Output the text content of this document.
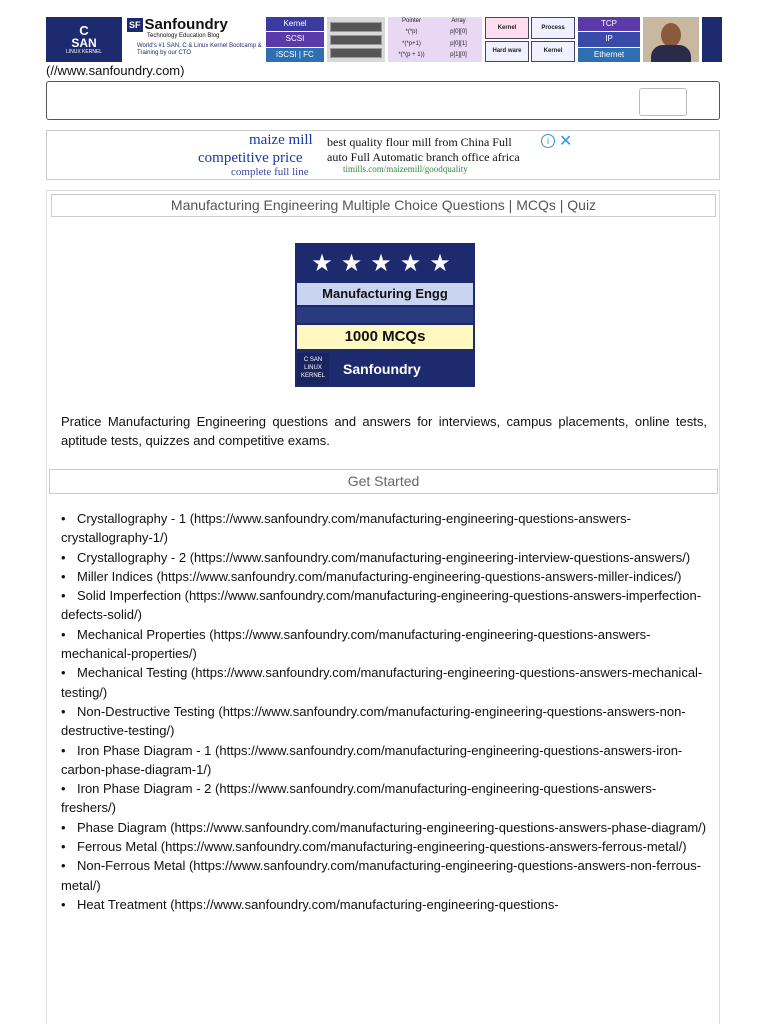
C
SAN
LINUX KERNEL
SF Sanfoundry
Technology Education Blog
World's #1 SAN, C & Linux Kernel Bootcamp & Training by our CTO
Kernel
SCSI
iSCSI | FC
Pointer	Array
*(*p)	p[0][0]
*(*p+1)	p[0][1]
*(*(p + 1))	p[1][0]
Kernel	Process
Hard ware	Kernel
TCP
IP
Ethernet
(//www.sanfoundry.com)
maize mill
competitive price
complete full line
best quality flour mill from China Full
auto Full Automatic branch office africa
timills.com/maizemill/goodquality
i ✕
Manufacturing Engineering Multiple Choice Questions | MCQs | Quiz
★★★★★
Manufacturing Engg
1000 MCQs
C SAN LINUX KERNEL Sanfoundry

Pratice Manufacturing Engineering questions and answers for interviews, campus placements, online tests, aptitude tests, quizzes and competitive exams.

Get Started
• Crystallography - 1 (https://www.sanfoundry.com/manufacturing-engineering-questions-answers-crystallography-1/)
• Crystallography - 2 (https://www.sanfoundry.com/manufacturing-engineering-interview-questions-answers/)
• Miller Indices (https://www.sanfoundry.com/manufacturing-engineering-questions-answers-miller-indices/)
• Solid Imperfection (https://www.sanfoundry.com/manufacturing-engineering-questions-answers-imperfection-defects-solid/)
• Mechanical Properties (https://www.sanfoundry.com/manufacturing-engineering-questions-answers-mechanical-properties/)
• Mechanical Testing (https://www.sanfoundry.com/manufacturing-engineering-questions-answers-mechanical-testing/)
• Non-Destructive Testing (https://www.sanfoundry.com/manufacturing-engineering-questions-answers-non-destructive-testing/)
• Iron Phase Diagram - 1 (https://www.sanfoundry.com/manufacturing-engineering-questions-answers-iron-carbon-phase-diagram-1/)
• Iron Phase Diagram - 2 (https://www.sanfoundry.com/manufacturing-engineering-questions-answers-freshers/)
• Phase Diagram (https://www.sanfoundry.com/manufacturing-engineering-questions-answers-phase-diagram/)
• Ferrous Metal (https://www.sanfoundry.com/manufacturing-engineering-questions-answers-ferrous-metal/)
• Non-Ferrous Metal (https://www.sanfoundry.com/manufacturing-engineering-questions-answers-non-ferrous-metal/)
• Heat Treatment (https://www.sanfoundry.com/manufacturing-engineering-questions-
